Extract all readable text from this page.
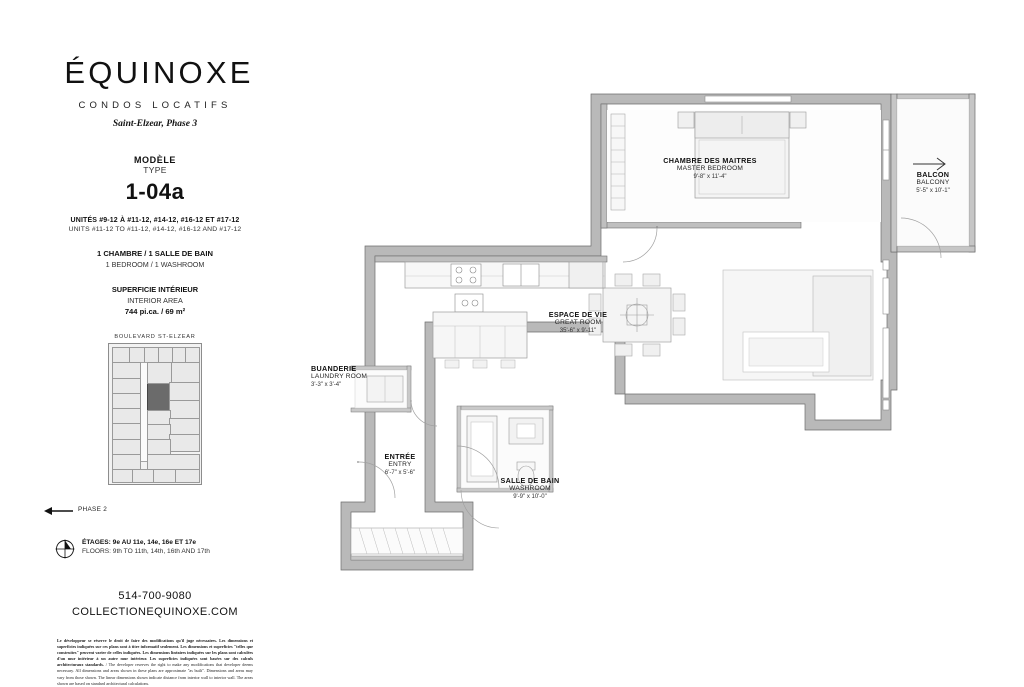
ÉQUINOXE
CONDOS LOCATIFS
Saint-Elzear, Phase 3
MODÈLE
TYPE
1-04a
UNITÉS #9-12 À #11-12, #14-12, #16-12 ET #17-12
UNITS #11-12 TO #11-12, #14-12, #16-12 AND #17-12
1 CHAMBRE / 1 SALLE DE BAIN
1 BEDROOM / 1 WASHROOM
SUPERFICIE INTÉRIEUR
INTERIOR AREA
744 pi.ca. / 69 m²
BOULEVARD ST-ELZEAR
PHASE 2
ÉTAGES: 9e AU 11e, 14e, 16e ET 17e
FLOORS: 9th TO 11th, 14th, 16th AND 17th
514-700-9080
COLLECTIONEQUINOXE.COM
Le développeur se réserve le droit de faire des modifications qu'il juge nécessaires. Les dimensions et superficies indiquées sur ces plans sont à titre informatif seulement. Les dimensions et superficies "telles que construites" peuvent varier de celles indiquées. Les dimensions linéaires indiquées sur les plans sont calculées d'un mur intérieur à un autre mur intérieur. Les superficies indiquées sont basées sur des calculs architecturaux standards. / The developer reserves the right to make any modifications that developer deems necessary. All dimensions and areas shown in these plans are approximate "as built". Dimensions and areas may vary from those shown. The linear dimensions shown indicate distance from interior wall to interior wall. The areas shown are based on standard architectural calculations.
CHAMBRE DES MAITRES
MASTER BEDROOM
9'-8" x 11'-4"	BALCON
BALCONY
5'-5" x 10'-1"
ESPACE DE VIE
GREAT ROOM
35'-6" x 9'-11"
BUANDERIE
LAUNDRY ROOM
3'-3" x 3'-4"
ENTRÉE
ENTRY
6'-7" x 5'-6"
SALLE DE BAIN
WASHROOM
9'-9" x 10'-0"
